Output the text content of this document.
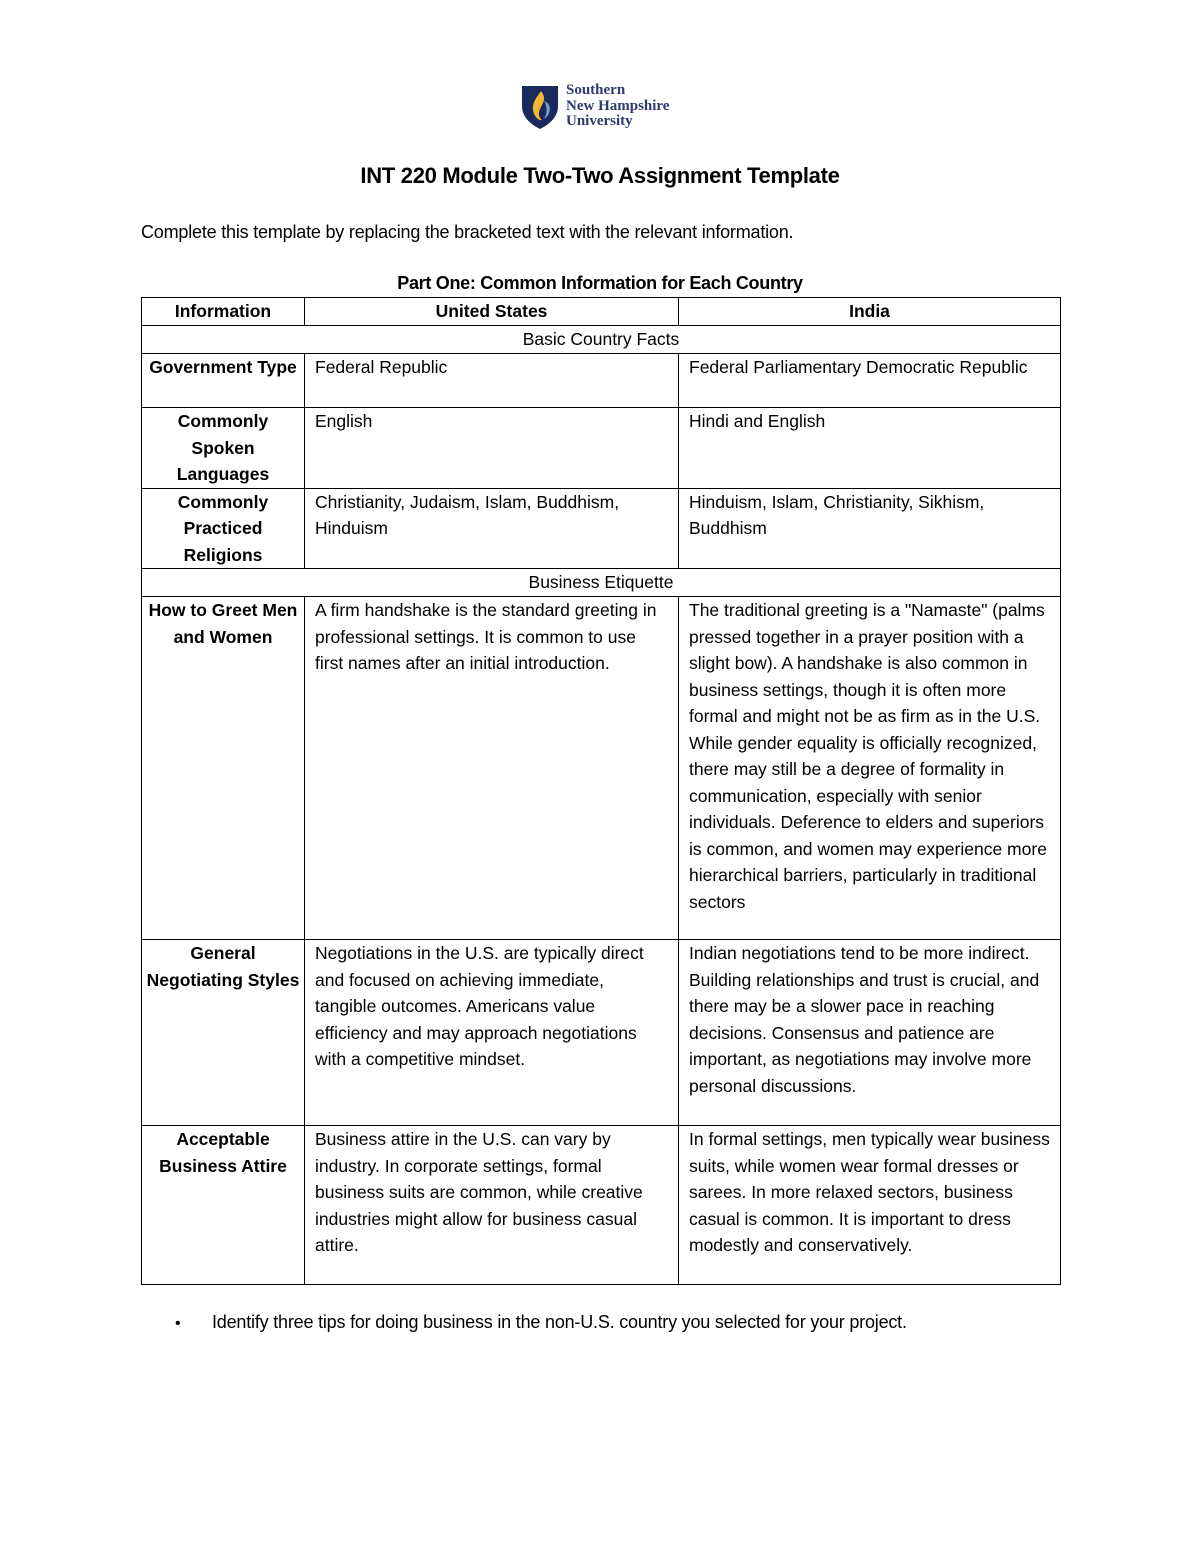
Southern
New Hampshire
University
INT 220 Module Two-Two Assignment Template
Complete this template by replacing the bracketed text with the relevant information.
Part One: Common Information for Each Country
Information	United States	India
Basic Country Facts		
Government Type	Federal Republic	Federal Parliamentary Democratic Republic
Commonly Spoken Languages	English	Hindi and English
Commonly Practiced Religions	Christianity, Judaism, Islam, Buddhism, Hinduism	Hinduism, Islam, Christianity, Sikhism, Buddhism
Business Etiquette		
How to Greet Men and Women	A firm handshake is the standard greeting in professional settings. It is common to use first names after an initial introduction.	The traditional greeting is a "Namaste" (palms pressed together in a prayer position with a slight bow). A handshake is also common in business settings, though it is often more formal and might not be as firm as in the U.S. While gender equality is officially recognized, there may still be a degree of formality in communication, especially with senior individuals. Deference to elders and superiors is common, and women may experience more hierarchical barriers, particularly in traditional sectors
General Negotiating Styles	Negotiations in the U.S. are typically direct and focused on achieving immediate, tangible outcomes. Americans value efficiency and may approach negotiations with a competitive mindset.	Indian negotiations tend to be more indirect. Building relationships and trust is crucial, and there may be a slower pace in reaching decisions. Consensus and patience are important, as negotiations may involve more personal discussions.
Acceptable Business Attire	Business attire in the U.S. can vary by industry. In corporate settings, formal business suits are common, while creative industries might allow for business casual attire.	In formal settings, men typically wear business suits, while women wear formal dresses or sarees. In more relaxed sectors, business casual is common. It is important to dress modestly and conservatively.
•	Identify three tips for doing business in the non-U.S. country you selected for your project.
